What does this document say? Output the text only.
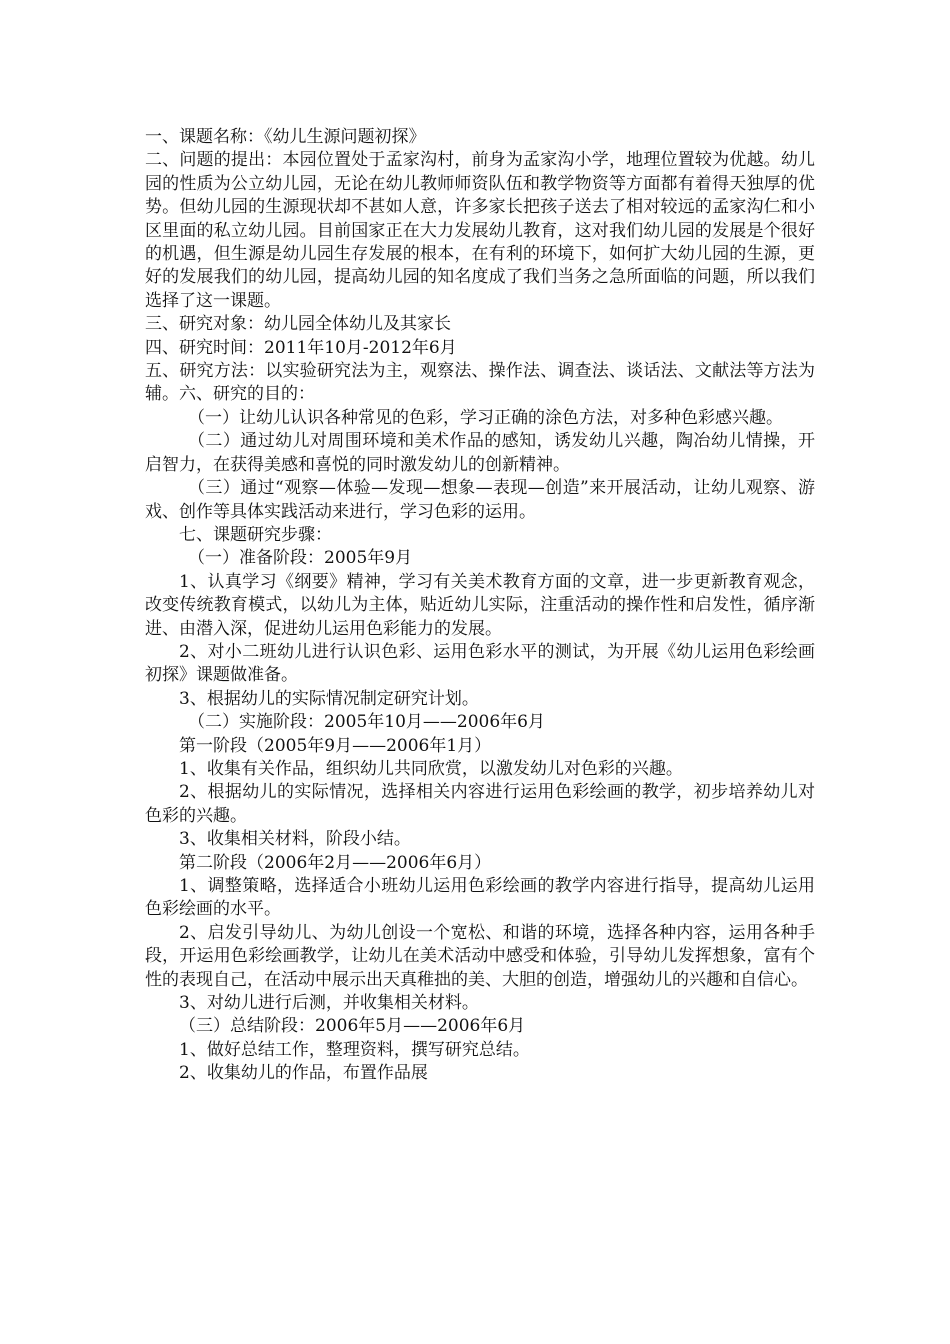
一、课题名称：《幼儿生源问题初探》

二、问题的提出：本园位置处于孟家沟村，前身为孟家沟小学，地理位置较为优越。幼儿园的性质为公立幼儿园，无论在幼儿教师师资队伍和教学物资等方面都有着得天独厚的优势。但幼儿园的生源现状却不甚如人意，许多家长把孩子送去了相对较远的孟家沟仁和小区里面的私立幼儿园。目前国家正在大力发展幼儿教育，这对我们幼儿园的发展是个很好的机遇，但生源是幼儿园生存发展的根本，在有利的环境下，如何扩大幼儿园的生源，更好的发展我们的幼儿园，提高幼儿园的知名度成了我们当务之急所面临的问题，所以我们选择了这一课题。

三、研究对象：幼儿园全体幼儿及其家长

四、研究时间：2011年10月-2012年6月

五、研究方法：以实验研究法为主，观察法、操作法、调查法、谈话法、文献法等方法为辅。六、研究的目的：

（一）让幼儿认识各种常见的色彩，学习正确的涂色方法，对多种色彩感兴趣。

（二）通过幼儿对周围环境和美术作品的感知，诱发幼儿兴趣，陶冶幼儿情操，开启智力，在获得美感和喜悦的同时激发幼儿的创新精神。

（三）通过“观察—体验—发现—想象—表现—创造”来开展活动，让幼儿观察、游戏、创作等具体实践活动来进行，学习色彩的运用。

七、课题研究步骤：

（一）准备阶段：2005年9月

1、认真学习《纲要》精神，学习有关美术教育方面的文章，进一步更新教育观念，改变传统教育模式，以幼儿为主体，贴近幼儿实际，注重活动的操作性和启发性，循序渐进、由潜入深，促进幼儿运用色彩能力的发展。

2、对小二班幼儿进行认识色彩、运用色彩水平的测试，为开展《幼儿运用色彩绘画初探》课题做准备。

3、根据幼儿的实际情况制定研究计划。

（二）实施阶段：2005年10月——2006年6月

第一阶段（2005年9月——2006年1月）

1、收集有关作品，组织幼儿共同欣赏，以激发幼儿对色彩的兴趣。

2、根据幼儿的实际情况，选择相关内容进行运用色彩绘画的教学，初步培养幼儿对色彩的兴趣。

3、收集相关材料，阶段小结。

第二阶段（2006年2月——2006年6月）

1、调整策略，选择适合小班幼儿运用色彩绘画的教学内容进行指导，提高幼儿运用色彩绘画的水平。

2、启发引导幼儿、为幼儿创设一个宽松、和谐的环境，选择各种内容，运用各种手段，开运用色彩绘画教学，让幼儿在美术活动中感受和体验，引导幼儿发挥想象，富有个性的表现自己，在活动中展示出天真稚拙的美、大胆的创造，增强幼儿的兴趣和自信心。

3、对幼儿进行后测，并收集相关材料。

（三）总结阶段：2006年5月——2006年6月

1、做好总结工作，整理资料，撰写研究总结。

2、收集幼儿的作品，布置作品展
